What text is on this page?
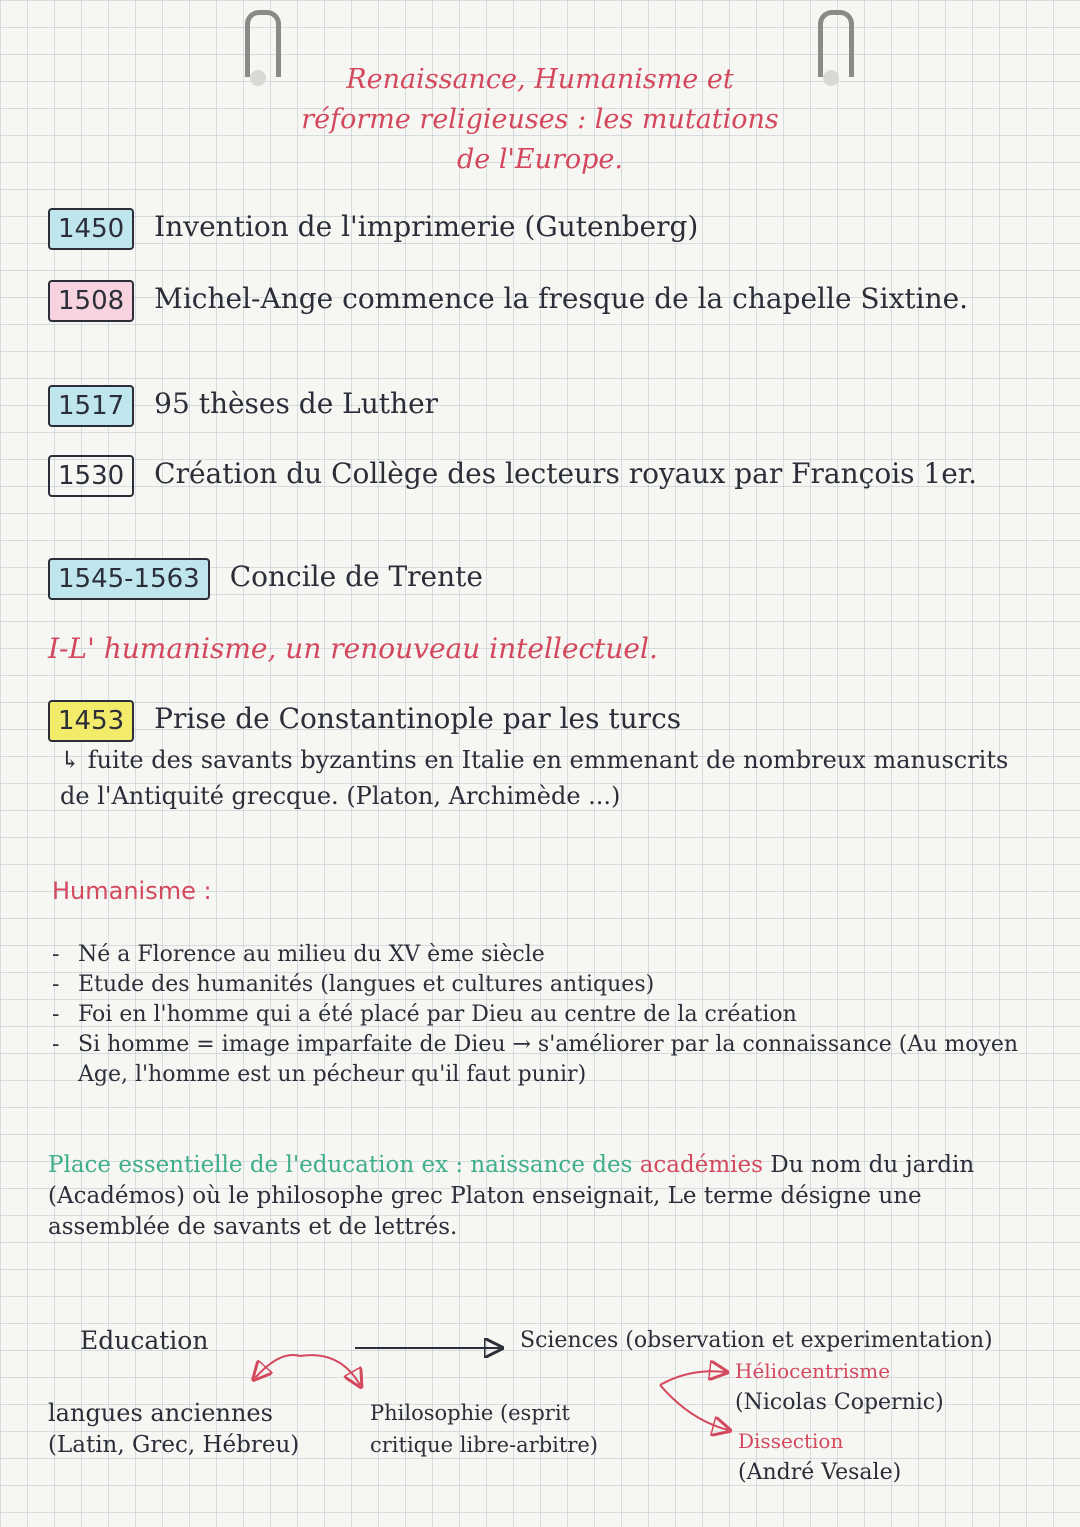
Renaissance, Humanisme et
réforme religieuses : les mutations
de l'Europe.
1450	Invention de l'imprimerie (Gutenberg)
1508	Michel-Ange commence la fresque de la chapelle Sixtine.
1517	95 thèses de Luther
1530	Création du Collège des lecteurs royaux par François 1er.
1545-1563	Concile de Trente
I-L' humanisme, un renouveau intellectuel.
1453	Prise de Constantinople par les turcs
↳ fuite des savants byzantins en Italie en emmenant de nombreux manuscrits de l'Antiquité grecque. (Platon, Archimède ...)
Humanisme :
- Né a Florence au milieu du XV ème siècle
- Etude des humanités (langues et cultures antiques)
- Foi en l'homme qui a été placé par Dieu au centre de la création
- Si homme = image imparfaite de Dieu → s'améliorer par la connaissance (Au moyen Age, l'homme est un pécheur qu'il faut punir)
Place essentielle de l'education ex : naissance des académies Du nom du jardin (Académos) où le philosophe grec Platon enseignait, Le terme désigne une assemblée de savants et de lettrés.
Education	Sciences (observation et experimentation)
Héliocentrisme
(Nicolas Copernic)
Dissection
(André Vesale)
langues anciennes
(Latin, Grec, Hébreu)
Philosophie (esprit
critique libre-arbitre)
